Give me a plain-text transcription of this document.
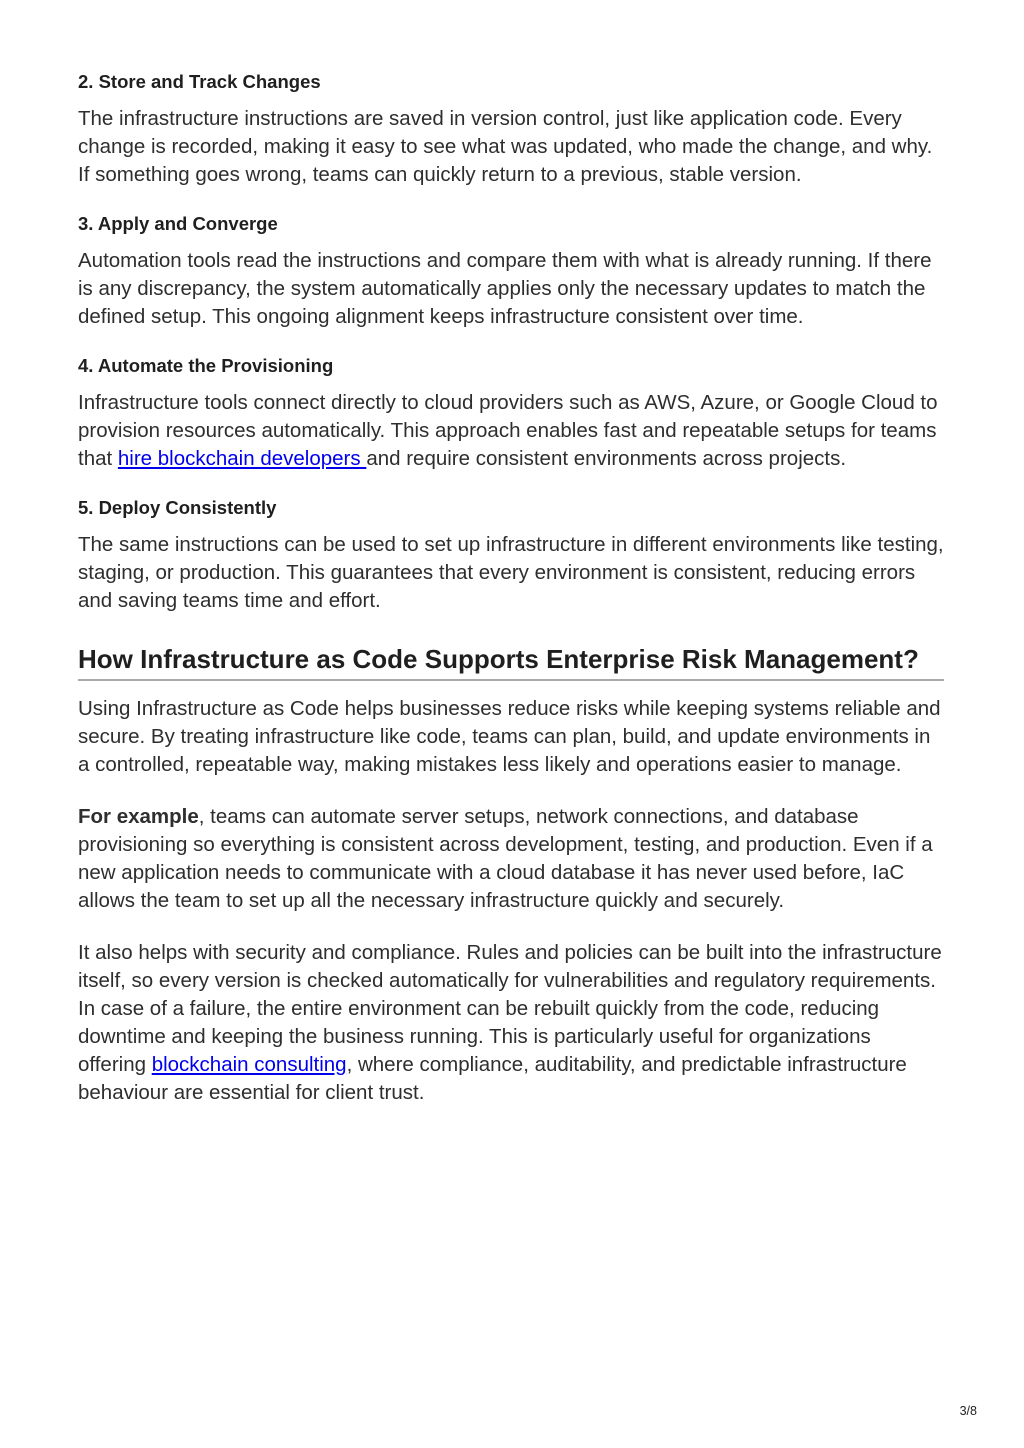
2. Store and Track Changes

The infrastructure instructions are saved in version control, just like application code. Every change is recorded, making it easy to see what was updated, who made the change, and why. If something goes wrong, teams can quickly return to a previous, stable version.

3. Apply and Converge

Automation tools read the instructions and compare them with what is already running. If there is any discrepancy, the system automatically applies only the necessary updates to match the defined setup. This ongoing alignment keeps infrastructure consistent over time.

4. Automate the Provisioning

Infrastructure tools connect directly to cloud providers such as AWS, Azure, or Google Cloud to provision resources automatically. This approach enables fast and repeatable setups for teams that hire blockchain developers and require consistent environments across projects.

5. Deploy Consistently

The same instructions can be used to set up infrastructure in different environments like testing, staging, or production. This guarantees that every environment is consistent, reducing errors and saving teams time and effort.

How Infrastructure as Code Supports Enterprise Risk Management?

Using Infrastructure as Code helps businesses reduce risks while keeping systems reliable and secure. By treating infrastructure like code, teams can plan, build, and update environments in a controlled, repeatable way, making mistakes less likely and operations easier to manage.

For example, teams can automate server setups, network connections, and database provisioning so everything is consistent across development, testing, and production. Even if a new application needs to communicate with a cloud database it has never used before, IaC allows the team to set up all the necessary infrastructure quickly and securely.

It also helps with security and compliance. Rules and policies can be built into the infrastructure itself, so every version is checked automatically for vulnerabilities and regulatory requirements. In case of a failure, the entire environment can be rebuilt quickly from the code, reducing downtime and keeping the business running. This is particularly useful for organizations offering blockchain consulting, where compliance, auditability, and predictable infrastructure behaviour are essential for client trust.

3/8
